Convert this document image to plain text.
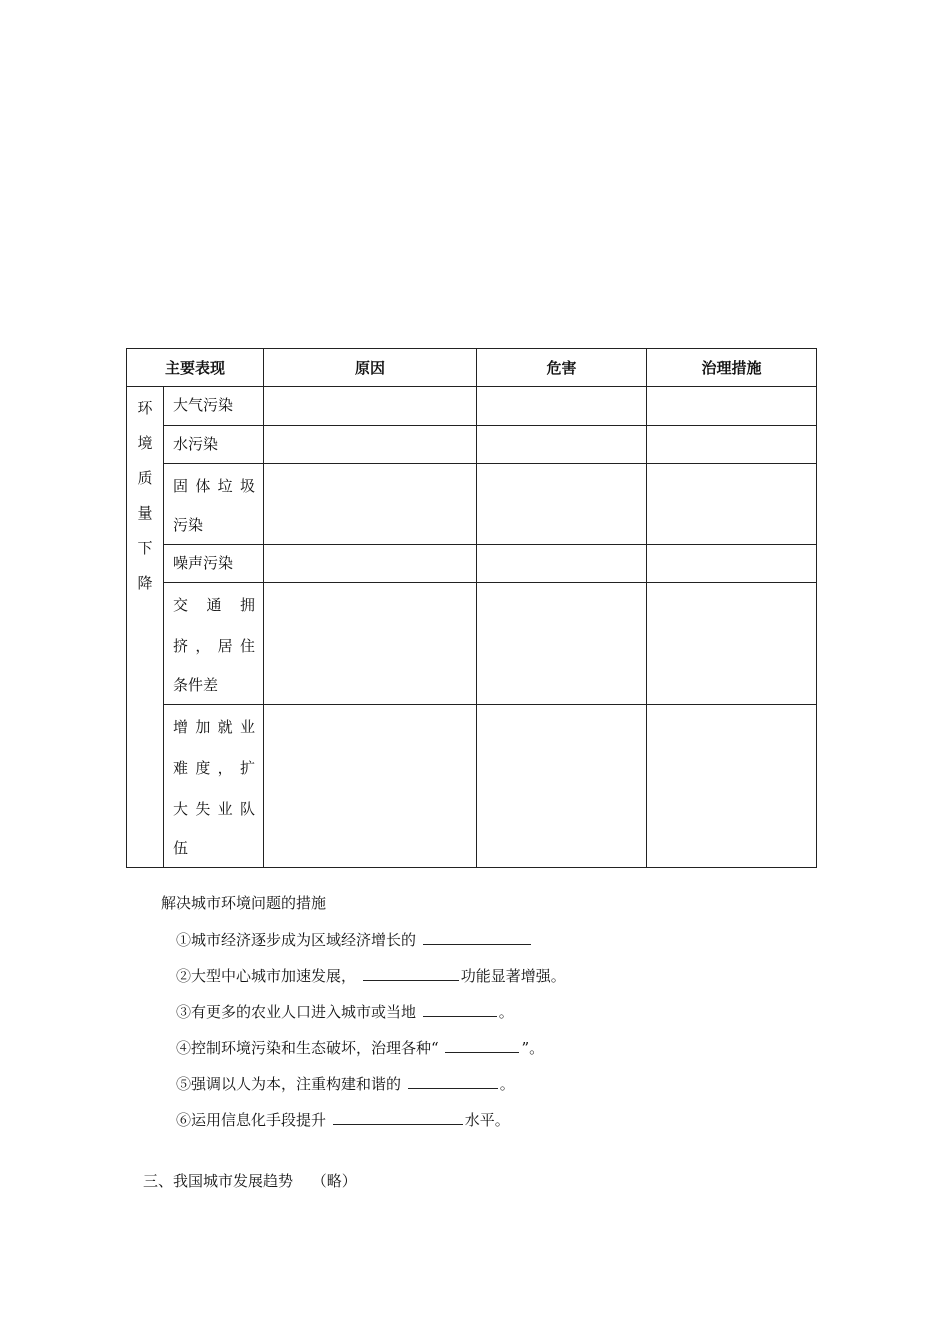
主要表现		原因	危害	治理措施

环境质量下降	大气污染			

	水污染			

	固体垃圾
污染			

	噪声污染			

	交 通 拥
挤，居住
条件差			

	增加就业
难度，扩
大失业队
伍			

解决城市环境问题的措施
①城市经济逐步成为区域经济增长的
②大型中心城市加速发展，	功能显著增强。
③有更多的农业人口进入城市或当地	。
④控制环境污染和生态破坏，治理各种“	”。
⑤强调以人为本，注重构建和谐的	。
⑥运用信息化手段提升	水平。
三、我国城市发展趋势 （略）
